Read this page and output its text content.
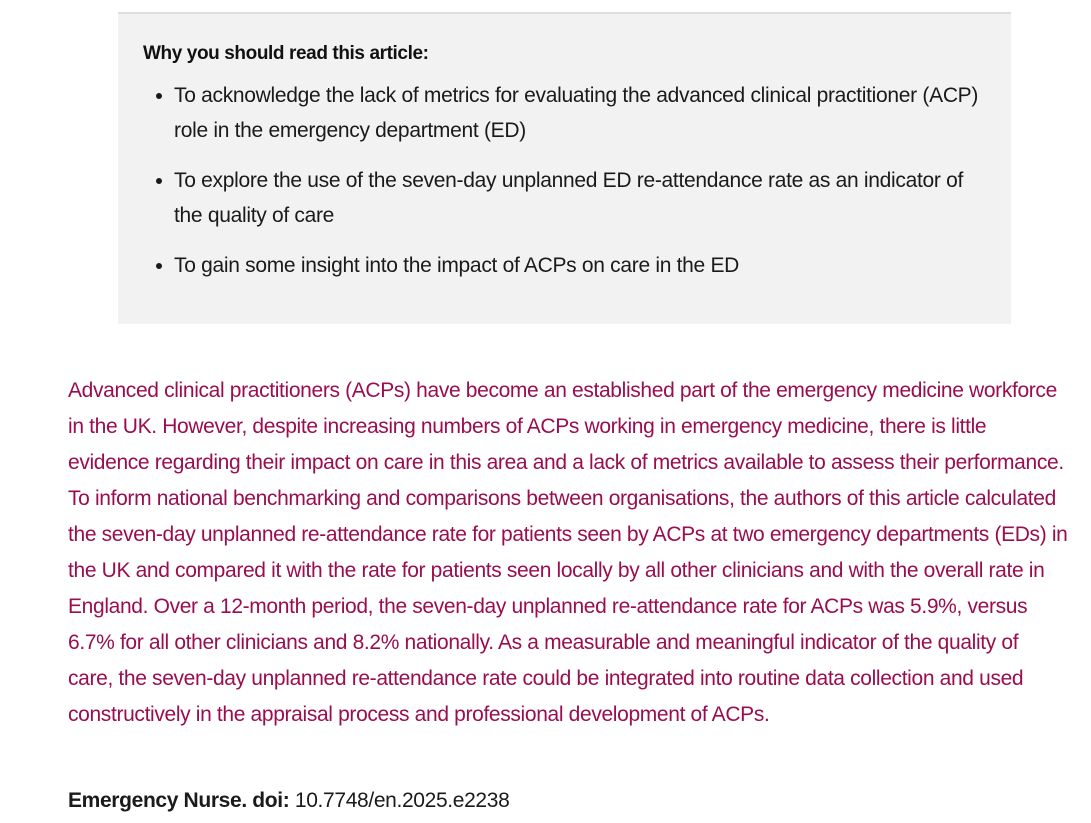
Why you should read this article:

To acknowledge the lack of metrics for evaluating the advanced clinical practitioner (ACP) role in the emergency department (ED)
To explore the use of the seven-day unplanned ED re-attendance rate as an indicator of the quality of care
To gain some insight into the impact of ACPs on care in the ED

Advanced clinical practitioners (ACPs) have become an established part of the emergency medicine workforce in the UK. However, despite increasing numbers of ACPs working in emergency medicine, there is little evidence regarding their impact on care in this area and a lack of metrics available to assess their performance. To inform national benchmarking and comparisons between organisations, the authors of this article calculated the seven-day unplanned re-attendance rate for patients seen by ACPs at two emergency departments (EDs) in the UK and compared it with the rate for patients seen locally by all other clinicians and with the overall rate in England. Over a 12-month period, the seven-day unplanned re-attendance rate for ACPs was 5.9%, versus 6.7% for all other clinicians and 8.2% nationally. As a measurable and meaningful indicator of the quality of care, the seven-day unplanned re-attendance rate could be integrated into routine data collection and used constructively in the appraisal process and professional development of ACPs.

Emergency Nurse. doi: 10.7748/en.2025.e2238
